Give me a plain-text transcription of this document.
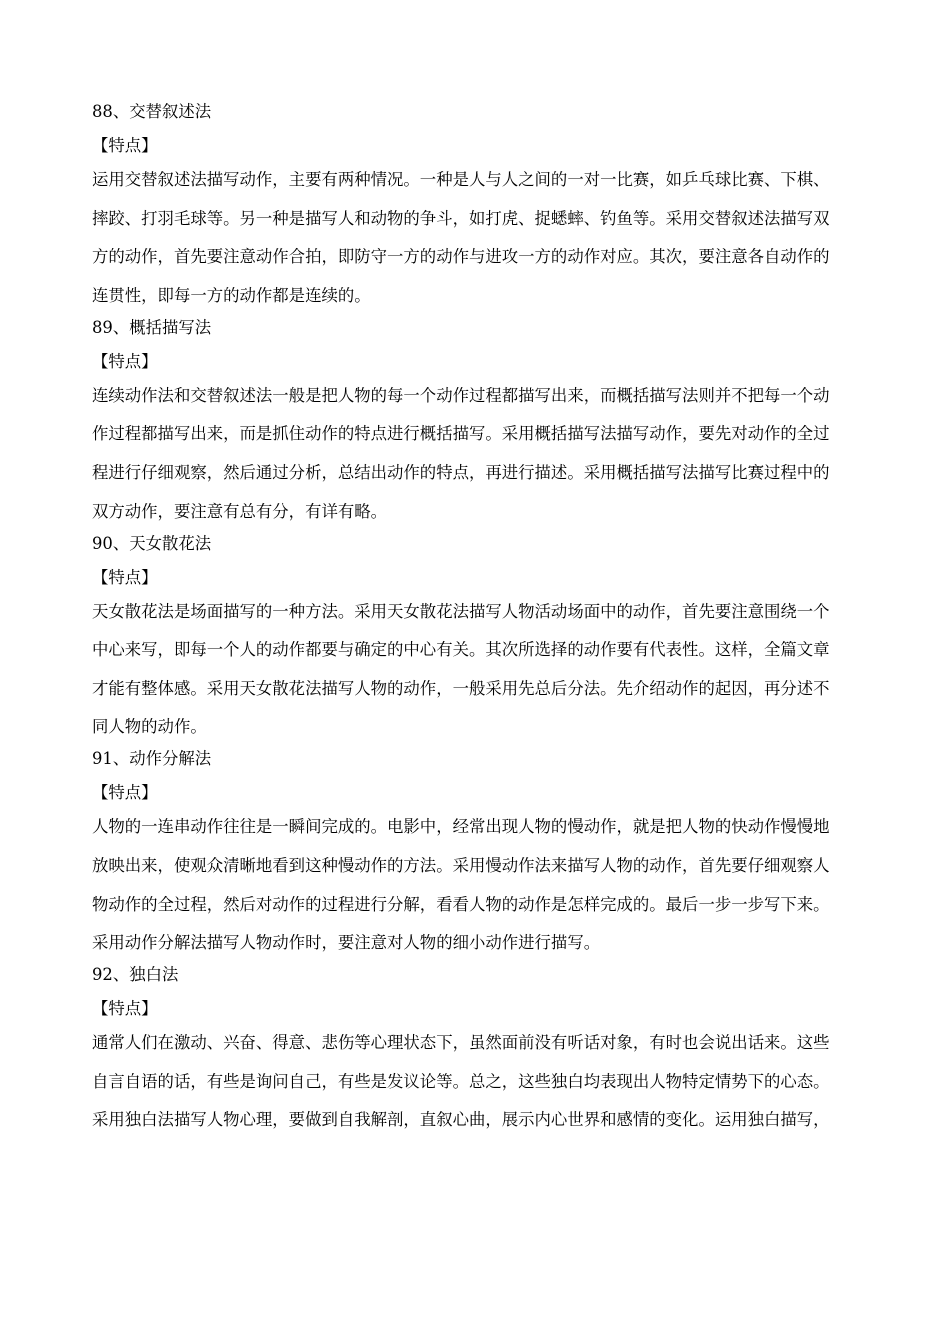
88、交替叙述法
【特点】
运用交替叙述法描写动作，主要有两种情况。一种是人与人之间的一对一比赛，如乒乓球比赛、下棋、
摔跤、打羽毛球等。另一种是描写人和动物的争斗，如打虎、捉蟋蟀、钓鱼等。采用交替叙述法描写双
方的动作，首先要注意动作合拍，即防守一方的动作与进攻一方的动作对应。其次，要注意各自动作的
连贯性，即每一方的动作都是连续的。
89、概括描写法
【特点】
连续动作法和交替叙述法一般是把人物的每一个动作过程都描写出来，而概括描写法则并不把每一个动
作过程都描写出来，而是抓住动作的特点进行概括描写。采用概括描写法描写动作，要先对动作的全过
程进行仔细观察，然后通过分析，总结出动作的特点，再进行描述。采用概括描写法描写比赛过程中的
双方动作，要注意有总有分，有详有略。
90、天女散花法
【特点】
天女散花法是场面描写的一种方法。采用天女散花法描写人物活动场面中的动作，首先要注意围绕一个
中心来写，即每一个人的动作都要与确定的中心有关。其次所选择的动作要有代表性。这样，全篇文章
才能有整体感。采用天女散花法描写人物的动作，一般采用先总后分法。先介绍动作的起因，再分述不
同人物的动作。
91、动作分解法
【特点】
人物的一连串动作往往是一瞬间完成的。电影中，经常出现人物的慢动作，就是把人物的快动作慢慢地
放映出来，使观众清晰地看到这种慢动作的方法。采用慢动作法来描写人物的动作，首先要仔细观察人
物动作的全过程，然后对动作的过程进行分解，看看人物的动作是怎样完成的。最后一步一步写下来。
采用动作分解法描写人物动作时，要注意对人物的细小动作进行描写。
92、独白法
【特点】
通常人们在激动、兴奋、得意、悲伤等心理状态下，虽然面前没有听话对象，有时也会说出话来。这些
自言自语的话，有些是询问自己，有些是发议论等。总之，这些独白均表现出人物特定情势下的心态。
采用独白法描写人物心理，要做到自我解剖，直叙心曲，展示内心世界和感情的变化。运用独白描写，
